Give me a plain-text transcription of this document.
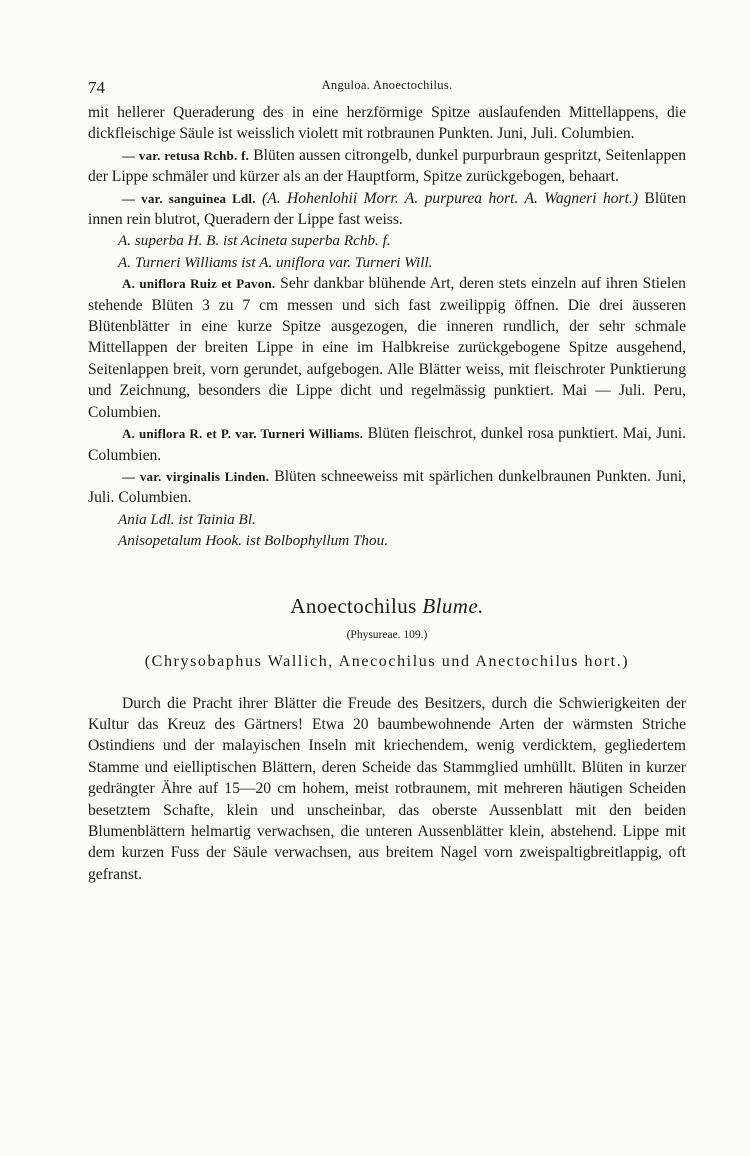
74	Anguloa. Anoectochilus.

mit hellerer Queraderung des in eine herzförmige Spitze auslaufenden Mittellappens, die dickfleischige Säule ist weisslich violett mit rotbraunen Punkten. Juni, Juli. Columbien.

— var. retusa Rchb. f. Blüten aussen citrongelb, dunkel purpurbraun gespritzt, Seitenlappen der Lippe schmäler und kürzer als an der Hauptform, Spitze zurückgebogen, behaart.

— var. sanguinea Ldl. (A. Hohenlohii Morr. A. purpurea hort. A. Wagneri hort.) Blüten innen rein blutrot, Queradern der Lippe fast weiss.

A. superba H. B. ist Acineta superba Rchb. f.
A. Turneri Williams ist A. uniflora var. Turneri Will.

A. uniflora Ruiz et Pavon. Sehr dankbar blühende Art, deren stets einzeln auf ihren Stielen stehende Blüten 3 zu 7 cm messen und sich fast zweilippig öffnen. Die drei äusseren Blütenblätter in eine kurze Spitze ausgezogen, die inneren rundlich, der sehr schmale Mittellappen der breiten Lippe in eine im Halbkreise zurückgebogene Spitze ausgehend, Seitenlappen breit, vorn gerundet, aufgebogen. Alle Blätter weiss, mit fleischroter Punktierung und Zeichnung, besonders die Lippe dicht und regelmässig punktiert. Mai — Juli. Peru, Columbien.

A. uniflora R. et P. var. Turneri Williams. Blüten fleischrot, dunkel rosa punktiert. Mai, Juni. Columbien.

— var. virginalis Linden. Blüten schneeweiss mit spärlichen dunkelbraunen Punkten. Juni, Juli. Columbien.

Ania Ldl. ist Tainia Bl.
Anisopetalum Hook. ist Bolbophyllum Thou.
Anoectochilus Blume.
(Physureae. 109.)
(Chrysobaphus Wallich, Anecochilus und Anectochilus hort.)

Durch die Pracht ihrer Blätter die Freude des Besitzers, durch die Schwierigkeiten der Kultur das Kreuz des Gärtners! Etwa 20 baumbewohnende Arten der wärmsten Striche Ostindiens und der malayischen Inseln mit kriechendem, wenig verdicktem, gegliedertem Stamme und eielliptischen Blättern, deren Scheide das Stammglied umhüllt. Blüten in kurzer gedrängter Ähre auf 15—20 cm hohem, meist rotbraunem, mit mehreren häutigen Scheiden besetztem Schafte, klein und unscheinbar, das oberste Aussenblatt mit den beiden Blumenblättern helmartig verwachsen, die unteren Aussenblätter klein, abstehend. Lippe mit dem kurzen Fuss der Säule verwachsen, aus breitem Nagel vorn zweispaltigbreitlappig, oft gefranst.
